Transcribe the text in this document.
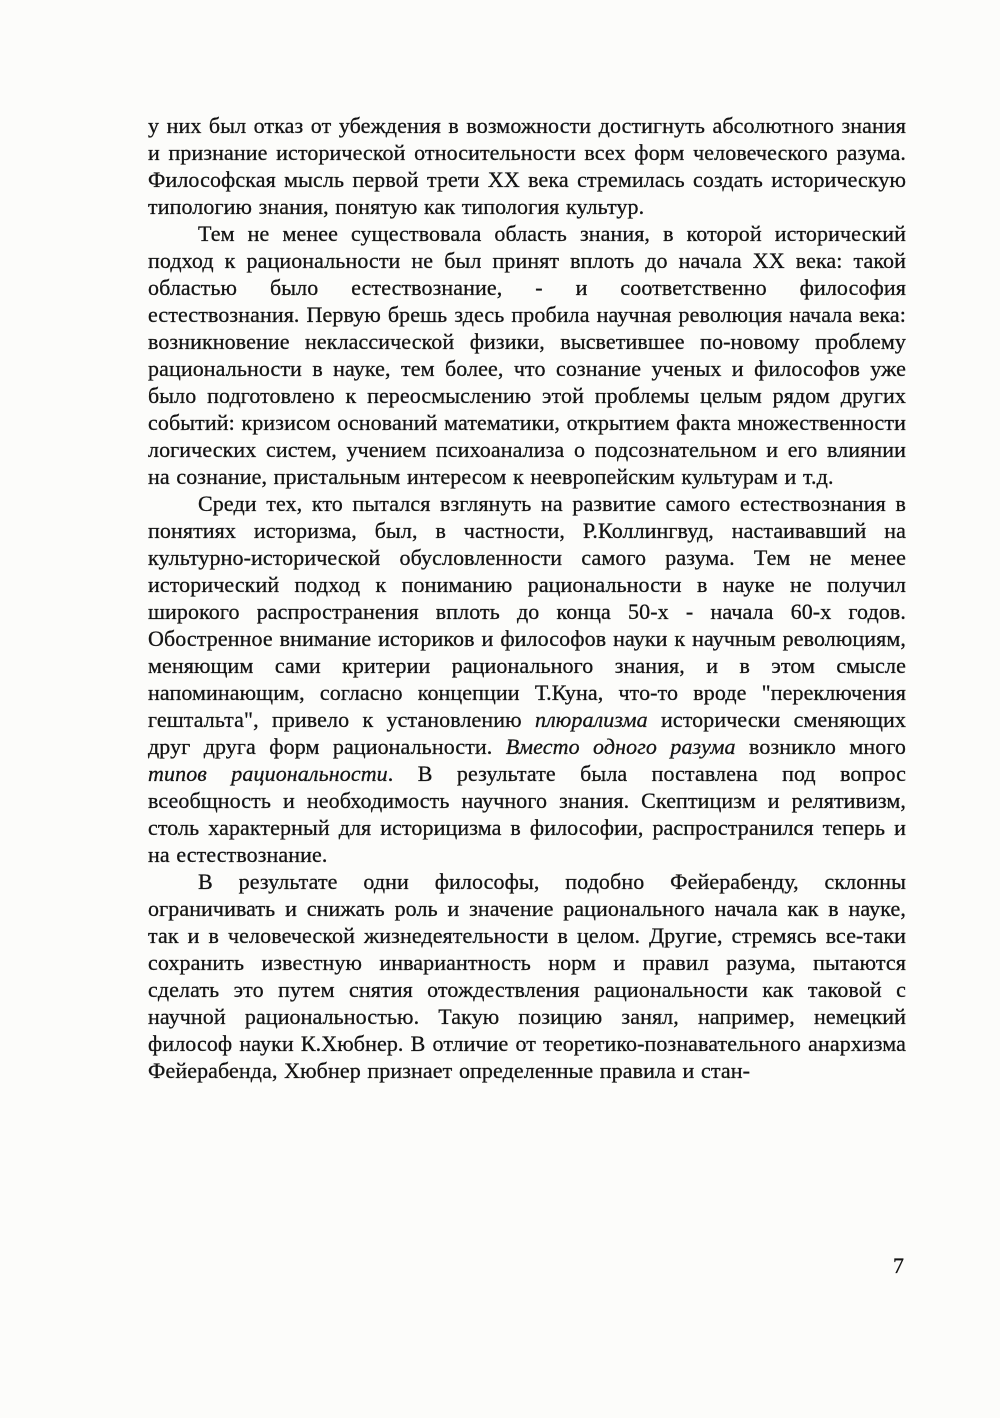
у них был отказ от убеждения в возможности достигнуть абсолютного знания и признание исторической относительности всех форм человеческого разума. Философская мысль первой трети XX века стремилась создать историческую типологию знания, понятую как типология культур.

Тем не менее существовала область знания, в которой исторический подход к рациональности не был принят вплоть до начала XX века: такой областью было естествознание, - и соответственно философия естествознания. Первую брешь здесь пробила научная революция начала века: возникновение неклассической физики, высветившее по-новому проблему рациональности в науке, тем более, что сознание ученых и философов уже было подготовлено к переосмыслению этой проблемы целым рядом других событий: кризисом оснований математики, открытием факта множественности логических систем, учением психоанализа о подсознательном и его влиянии на сознание, пристальным интересом к неевропейским культурам и т.д.

Среди тех, кто пытался взглянуть на развитие самого естествознания в понятиях историзма, был, в частности, Р.Коллингвуд, настаивавший на культурно-исторической обусловленности самого разума. Тем не менее исторический подход к пониманию рациональности в науке не получил широкого распространения вплоть до конца 50-х - начала 60-х годов. Обостренное внимание историков и философов науки к научным революциям, меняющим сами критерии рационального знания, и в этом смысле напоминающим, согласно концепции Т.Куна, что-то вроде "переключения гештальта", привело к установлению плюрализма исторически сменяющих друг друга форм рациональности. Вместо одного разума возникло много типов рациональности. В результате была поставлена под вопрос всеобщность и необходимость научного знания. Скептицизм и релятивизм, столь характерный для историцизма в философии, распространился теперь и на естествознание.

В результате одни философы, подобно Фейерабенду, склонны ограничивать и снижать роль и значение рационального начала как в науке, так и в человеческой жизнедеятельности в целом. Другие, стремясь все-таки сохранить известную инвариантность норм и правил разума, пытаются сделать это путем снятия отождествления рациональности как таковой с научной рациональностью. Такую позицию занял, например, немецкий философ науки К.Хюбнер. В отличие от теоретико-познавательного анархизма Фейерабенда, Хюбнер признает определенные правила и стан-

7
